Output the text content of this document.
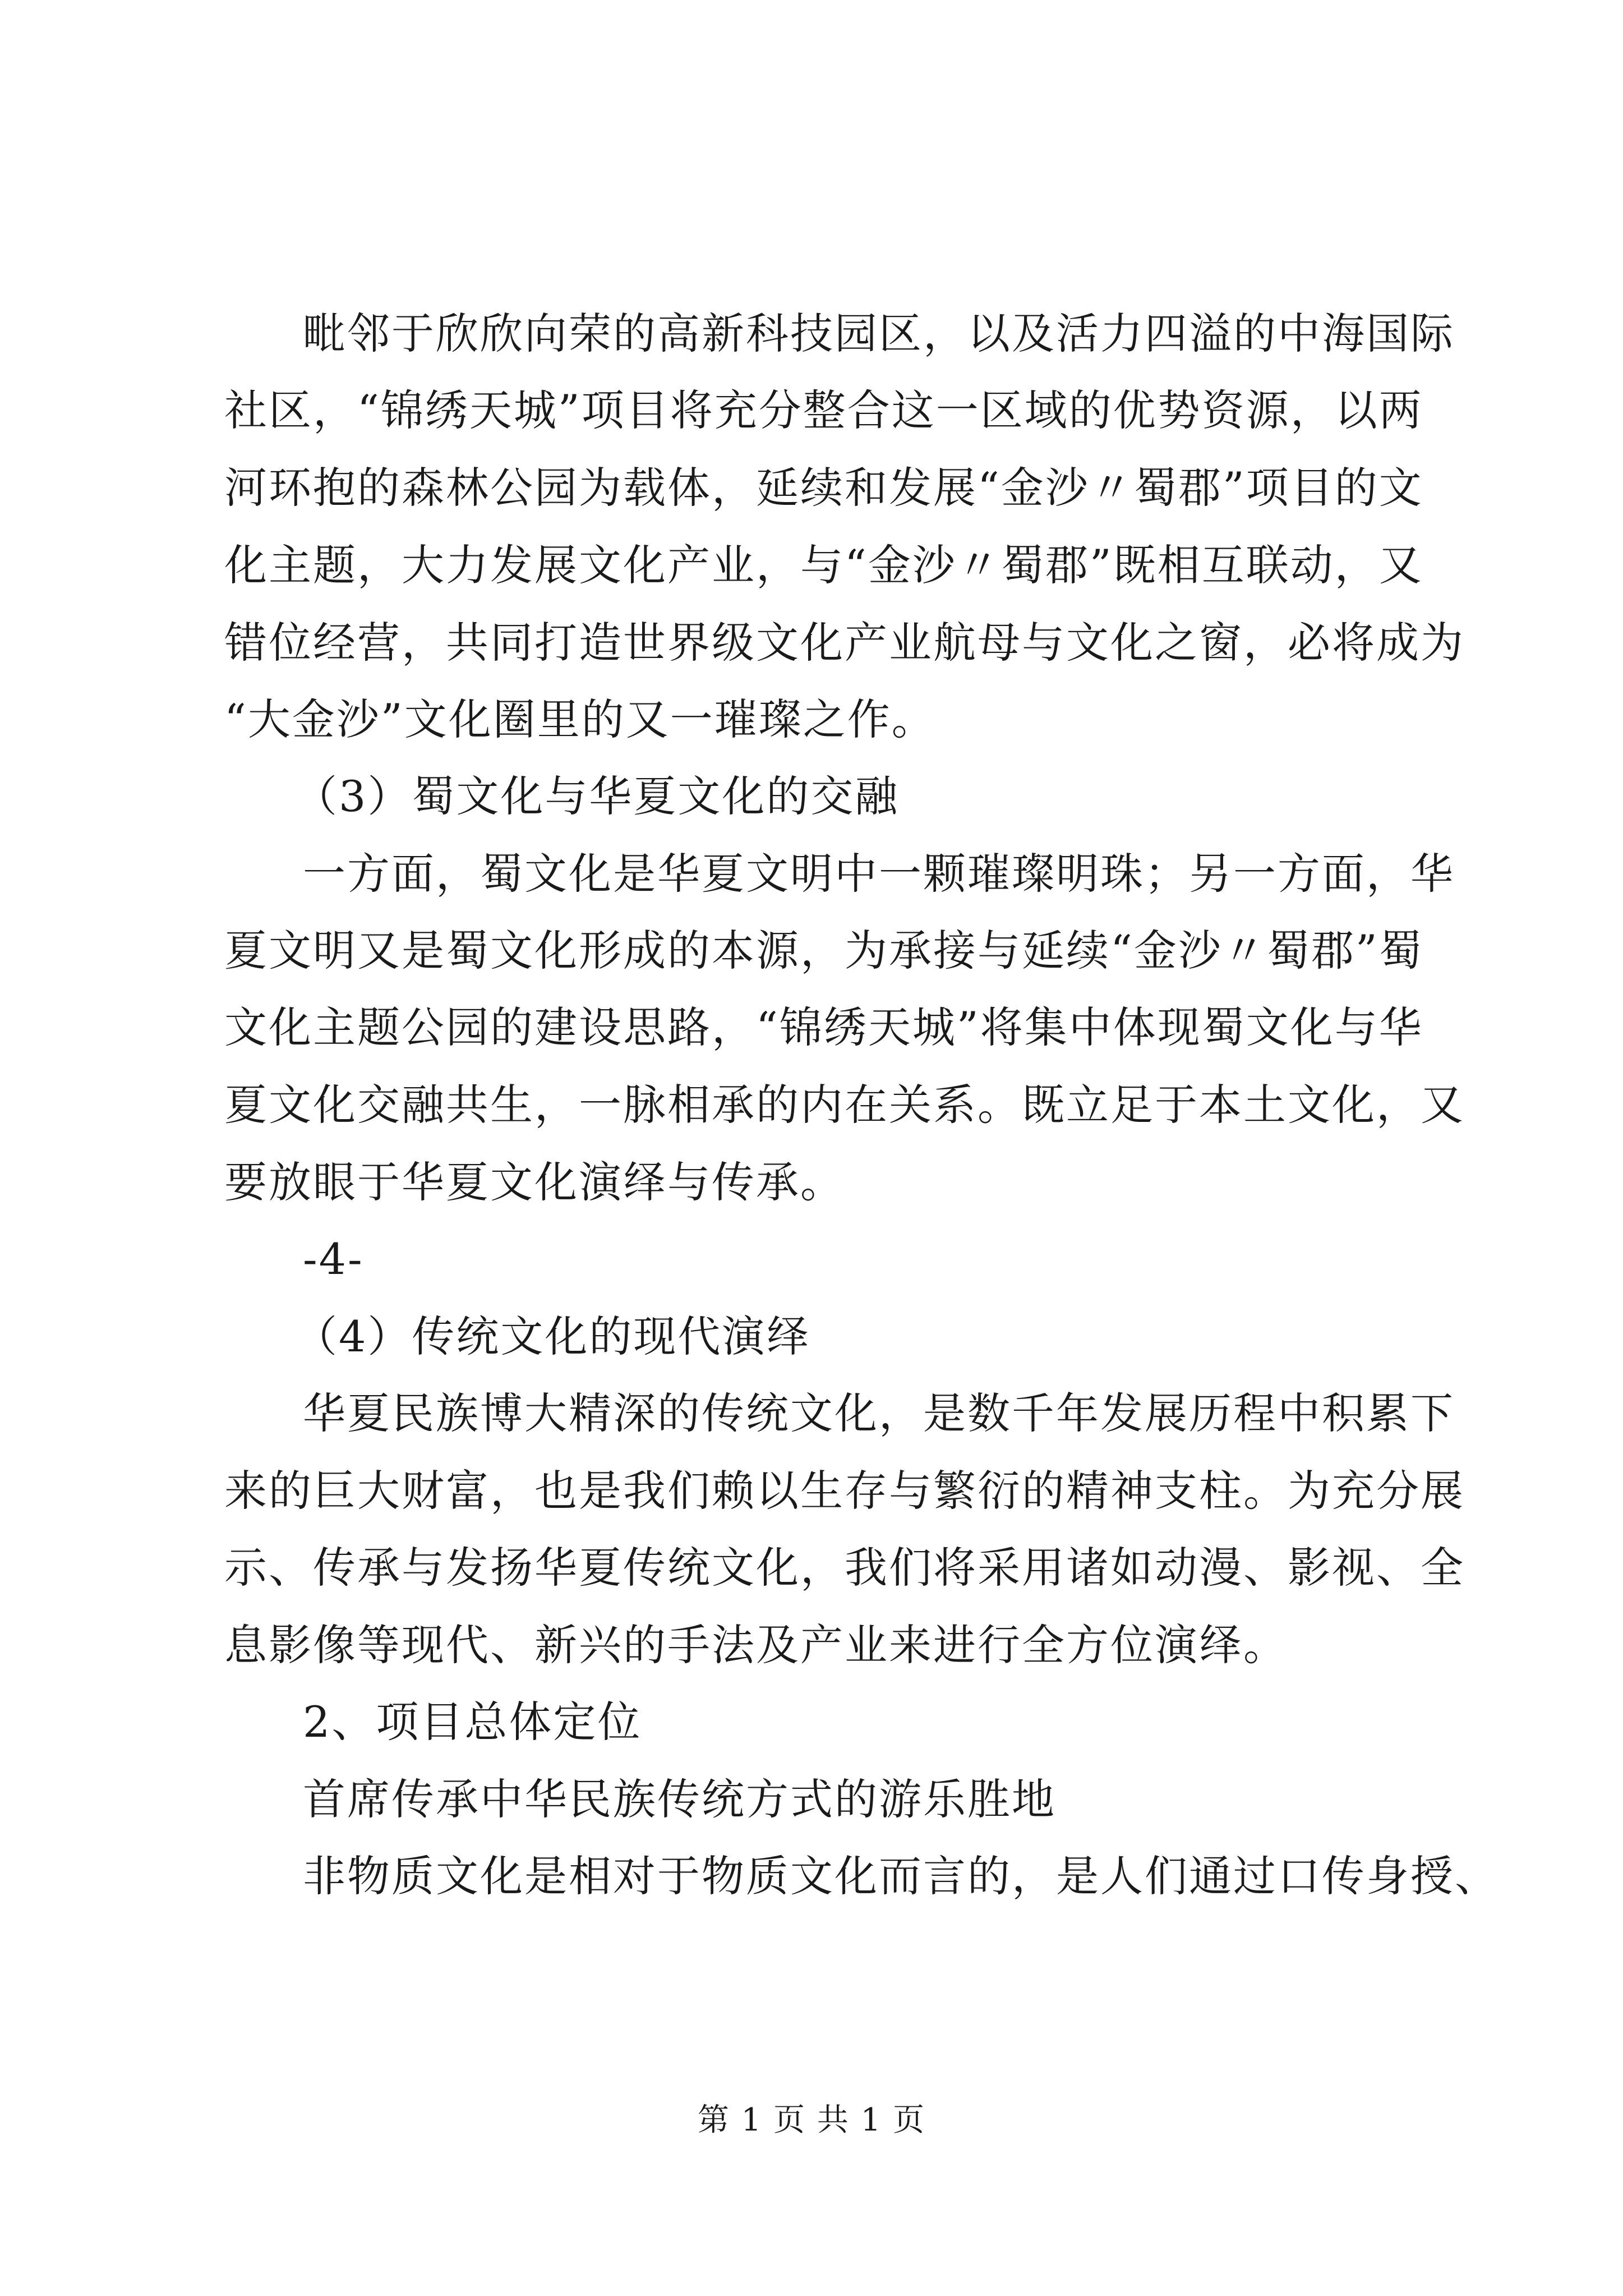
毗邻于欣欣向荣的高新科技园区，以及活力四溢的中海国际
社区，“锦绣天城”项目将充分整合这一区域的优势资源，以两
河环抱的森林公园为载体，延续和发展“金沙〃蜀郡”项目的文
化主题，大力发展文化产业，与“金沙〃蜀郡”既相互联动，又
错位经营，共同打造世界级文化产业航母与文化之窗，必将成为
“大金沙”文化圈里的又一璀璨之作。
（3）蜀文化与华夏文化的交融
一方面，蜀文化是华夏文明中一颗璀璨明珠；另一方面，华
夏文明又是蜀文化形成的本源，为承接与延续“金沙〃蜀郡”蜀
文化主题公园的建设思路，“锦绣天城”将集中体现蜀文化与华
夏文化交融共生，一脉相承的内在关系。既立足于本土文化，又
要放眼于华夏文化演绎与传承。
-4-
（4）传统文化的现代演绎
华夏民族博大精深的传统文化，是数千年发展历程中积累下
来的巨大财富，也是我们赖以生存与繁衍的精神支柱。为充分展
示、传承与发扬华夏传统文化，我们将采用诸如动漫、影视、全
息影像等现代、新兴的手法及产业来进行全方位演绎。
2、项目总体定位
首席传承中华民族传统方式的游乐胜地
非物质文化是相对于物质文化而言的，是人们通过口传身授、
第 1 页 共 1 页
